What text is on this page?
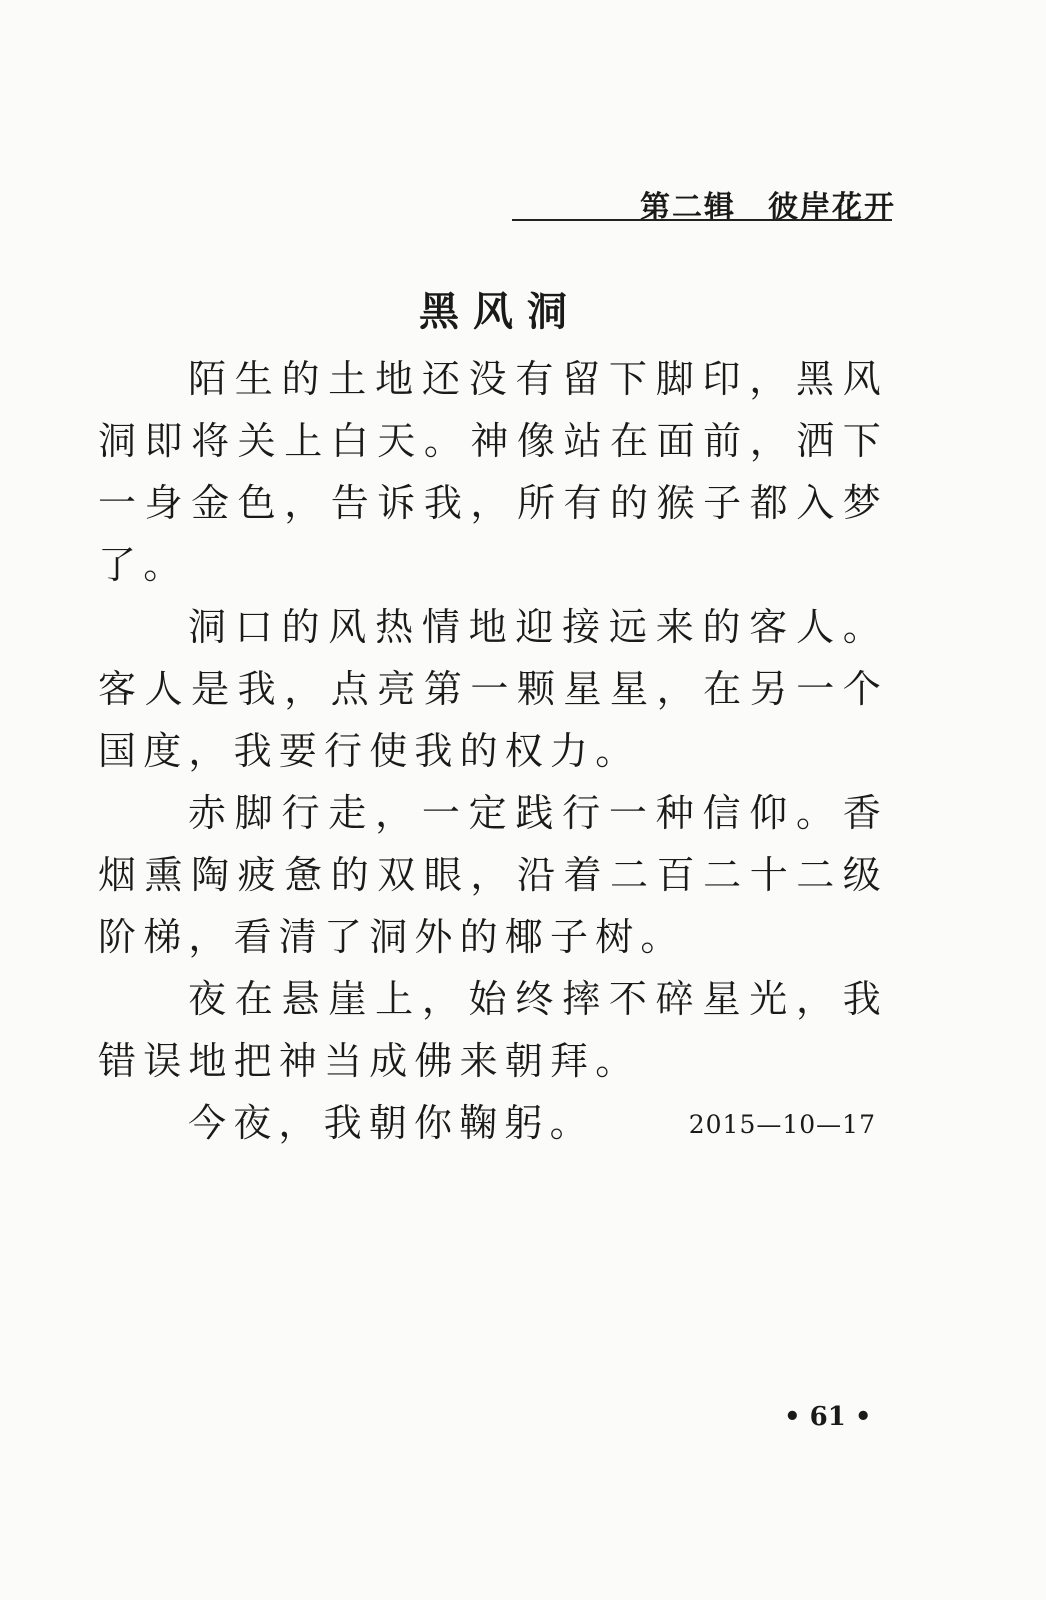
第二辑　彼岸花开
黑风洞

陌生的土地还没有留下脚印，黑风洞即将关上白天。神像站在面前，洒下一身金色，告诉我，所有的猴子都入梦了。

洞口的风热情地迎接远来的客人。客人是我，点亮第一颗星星，在另一个国度，我要行使我的权力。

赤脚行走，一定践行一种信仰。香烟熏陶疲惫的双眼，沿着二百二十二级阶梯，看清了洞外的椰子树。

夜在悬崖上，始终摔不碎星光，我错误地把神当成佛来朝拜。

今夜，我朝你鞠躬。	2015—10—17
• 61 •
